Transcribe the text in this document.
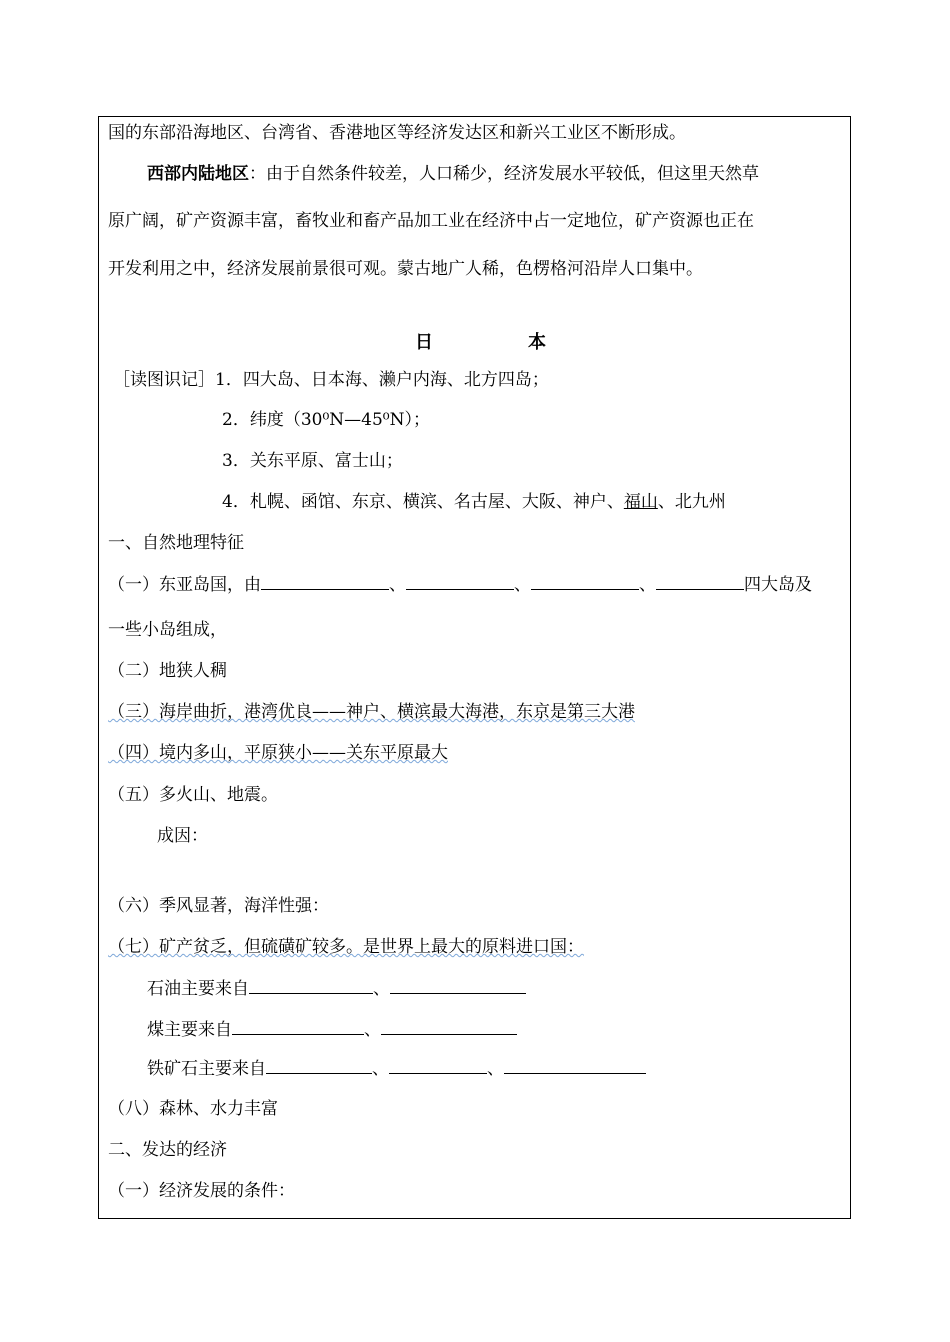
国的东部沿海地区、台湾省、香港地区等经济发达区和新兴工业区不断形成。
西部内陆地区：由于自然条件较差，人口稀少，经济发展水平较低，但这里天然草
原广阔，矿产资源丰富，畜牧业和畜产品加工业在经济中占一定地位，矿产资源也正在
开发利用之中，经济发展前景很可观。蒙古地广人稀，色楞格河沿岸人口集中。
日	本
［读图识记］1．四大岛、日本海、濑户内海、北方四岛；
2．纬度（30⁰N—45⁰N）；
3．关东平原、富士山；
4．札幌、函馆、东京、横滨、名古屋、大阪、神户、福山、北九州
一、自然地理特征
（一）东亚岛国，由	、	、	、	四大岛及
一些小岛组成，
（二）地狭人稠
（三）海岸曲折，港湾优良——神户、横滨最大海港，东京是第三大港
（四）境内多山，平原狭小——关东平原最大
（五）多火山、地震。
成因：
（六）季风显著，海洋性强：
（七）矿产贫乏，但硫磺矿较多。是世界上最大的原料进口国：
石油主要来自	、
煤主要来自	、
铁矿石主要来自	、	、
（八）森林、水力丰富
二、发达的经济
（一）经济发展的条件：
